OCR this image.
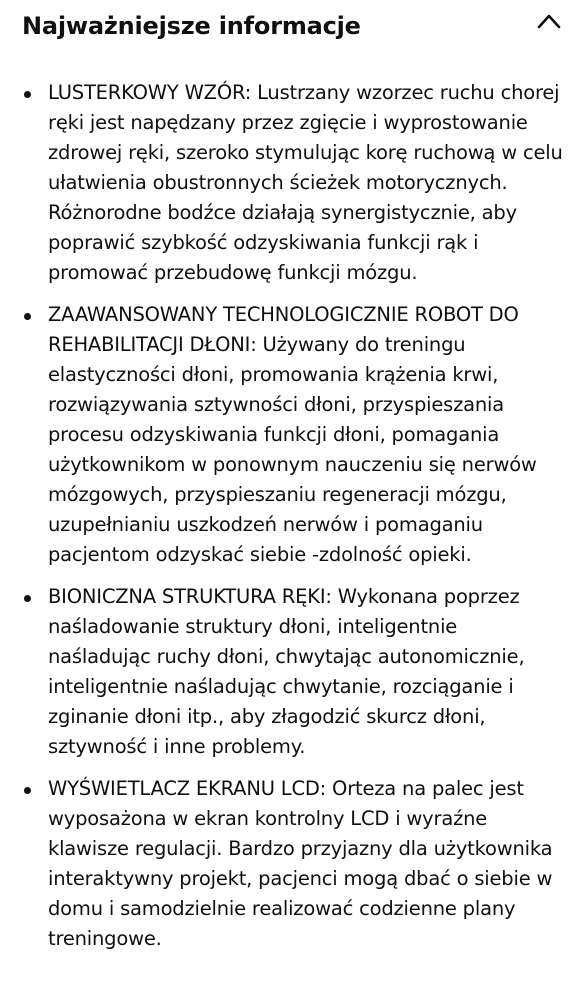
Najważniejsze informacje
LUSTERKOWY WZÓR: Lustrzany wzorzec ruchu chorej ręki jest napędzany przez zgięcie i wyprostowanie zdrowej ręki, szeroko stymulując korę ruchową w celu ułatwienia obustronnych ścieżek motorycznych. Różnorodne bodźce działają synergistycznie, aby poprawić szybkość odzyskiwania funkcji rąk i promować przebudowę funkcji mózgu.
ZAAWANSOWANY TECHNOLOGICZNIE ROBOT DO REHABILITACJI DŁONI: Używany do treningu elastyczności dłoni, promowania krążenia krwi, rozwiązywania sztywności dłoni, przyspieszania procesu odzyskiwania funkcji dłoni, pomagania użytkownikom w ponownym nauczeniu się nerwów mózgowych, przyspieszaniu regeneracji mózgu, uzupełnianiu uszkodzeń nerwów i pomaganiu pacjentom odzyskać siebie -zdolność opieki.
BIONICZNA STRUKTURA RĘKI: Wykonana poprzez naśladowanie struktury dłoni, inteligentnie naśladując ruchy dłoni, chwytając autonomicznie, inteligentnie naśladując chwytanie, rozciąganie i zginanie dłoni itp., aby złagodzić skurcz dłoni, sztywność i inne problemy.
WYŚWIETLACZ EKRANU LCD: Orteza na palec jest wyposażona w ekran kontrolny LCD i wyraźne klawisze regulacji. Bardzo przyjazny dla użytkownika interaktywny projekt, pacjenci mogą dbać o siebie w domu i samodzielnie realizować codzienne plany treningowe.
